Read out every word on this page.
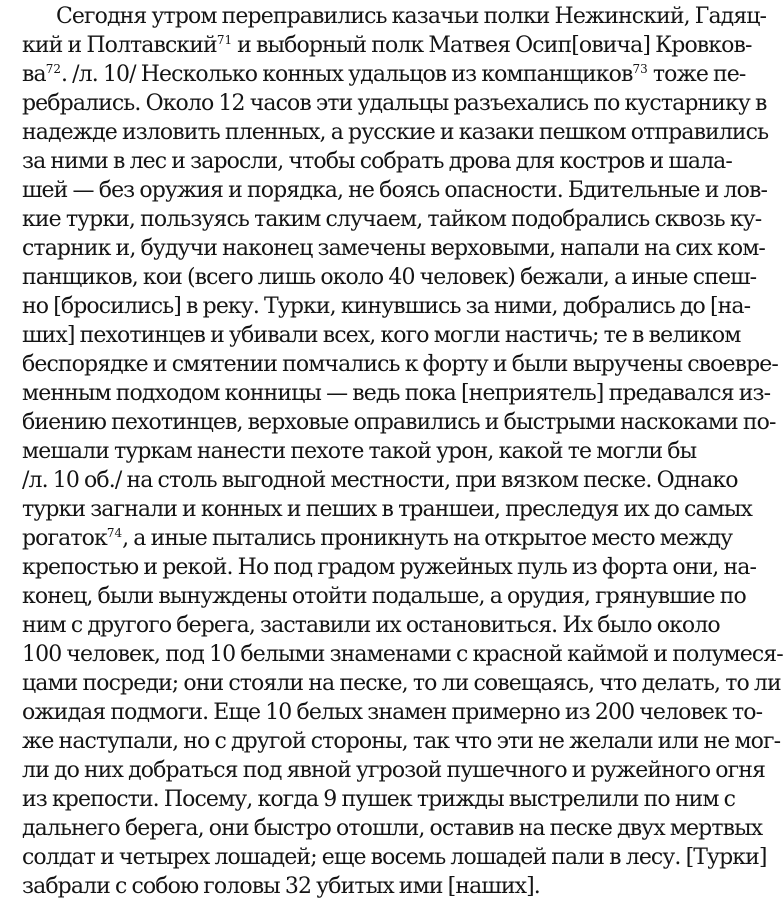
Сегодня утром переправились казачьи полки Нежинский, Гадяц-

кий и Полтавский$^{71}$ и выборный полк Матвея Осип[овича] Кровков-

$ва^{72}$. /л. 10/ Несколько конных удальцов из компанщиков$^{73}$ тоже пе-

ребрались. Около 12 часов эти удальцы разъехались по кустарнику в

надежде изловить пленных, а русские и казаки пешком отправились

за ними в лес и заросли, чтобы собрать дрова для костров и шала-

шей — без оружия и порядка, не боясь опасности. Бдительные и лов-

кие турки, пользуясь таким случаем, тайком подобрались сквозь ку-

старник и, будучи наконец замечены верховыми, напали на сих ком-

панщиков, кои (всего лишь около 40 человек) бежали, а иные спеш-

но [бросились] в реку. Турки, кинувшись за ними, добрались до [на-

ших] пехотинцев и убивали всех, кого могли настичь; те в великом

беспорядке и смятении помчались к форту и были выручены своевре-

менным подходом конницы — ведь пока [неприятель] предавался из-

биению пехотинцев, верховые оправились и быстрыми наскоками по-

мешали туркам нанести пехоте такой урон, какой те могли бы

/л. 10 об./ на столь выгодной местности, при вязком песке. Однако

турки загнали и конных и пеших в траншеи, преследуя их до самых

рогаток$^{74}$, а иные пытались проникнуть на открытое место между

крепостью и рекой. Но под градом ружейных пуль из форта они, на-

конец, были вынуждены отойти подальше, а орудия, грянувшие по

ним с другого берега, заставили их остановиться. Их было около

100 человек, под 10 белыми знаменами с красной каймой и полумеся-

цами посреди; они стояли на песке, то ли совещаясь, что делать, то ли

ожидая подмоги. Еще 10 белых знамен примерно из 200 человек то-

же наступали, но с другой стороны, так что эти не желали или не мог-

ли до них добраться под явной угрозой пушечного и ружейного огня

из крепости. Посему, когда 9 пушек трижды выстрелили по ним с

дальнего берега, они быстро отошли, оставив на песке двух мертвых

солдат и четырех лошадей; еще восемь лошадей пали в лесу. [Турки]

забрали с собою головы 32 убитых ими [наших].
